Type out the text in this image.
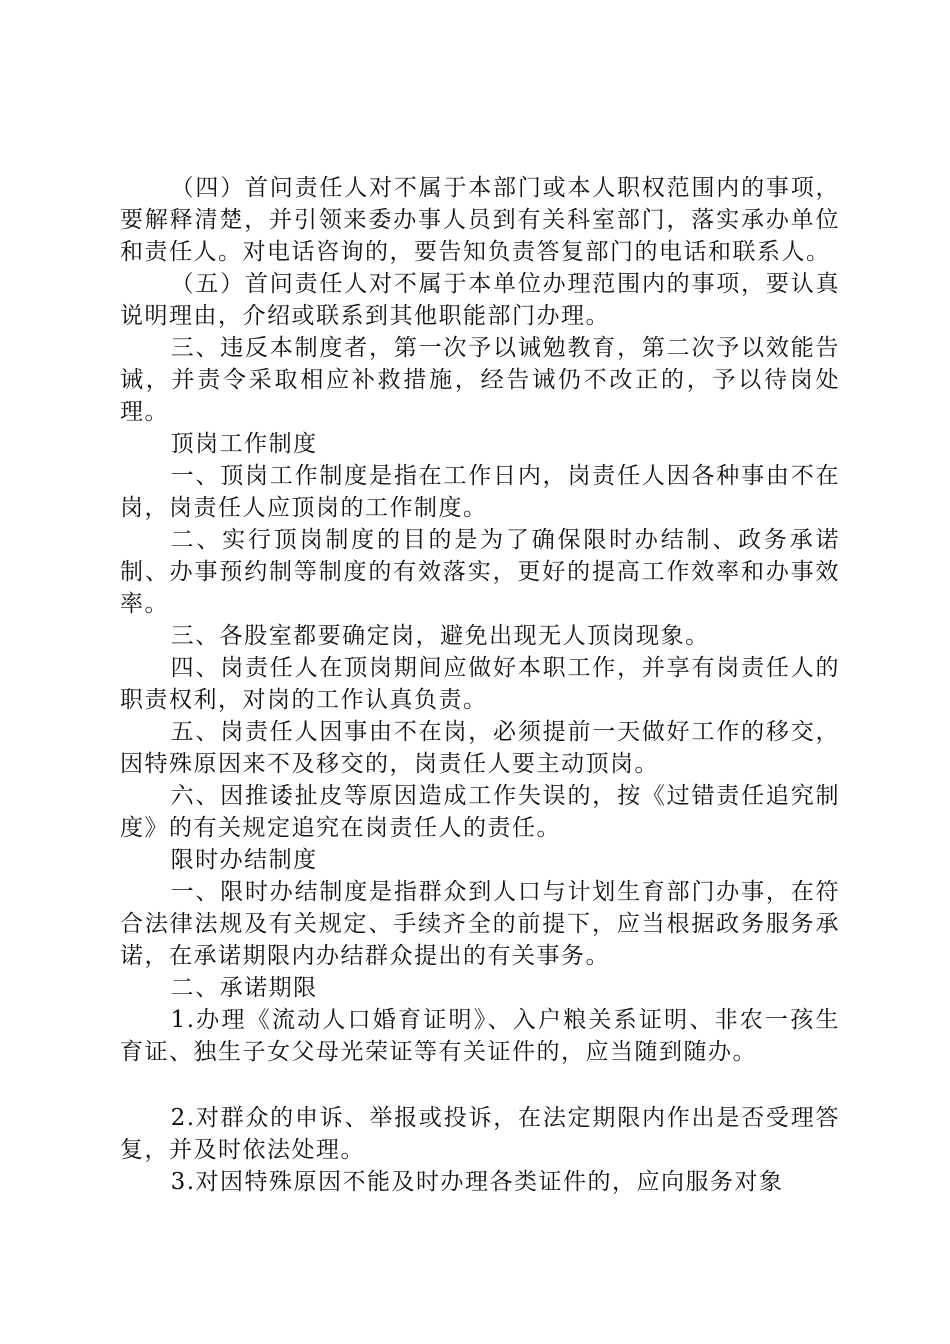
（四）首问责任人对不属于本部门或本人职权范围内的事项，要解释清楚，并引领来委办事人员到有关科室部门，落实承办单位和责任人。对电话咨询的，要告知负责答复部门的电话和联系人。

（五）首问责任人对不属于本单位办理范围内的事项，要认真说明理由，介绍或联系到其他职能部门办理。

三、违反本制度者，第一次予以诫勉教育，第二次予以效能告诫，并责令采取相应补救措施，经告诫仍不改正的，予以待岗处理。

顶岗工作制度

一、顶岗工作制度是指在工作日内，岗责任人因各种事由不在岗，岗责任人应顶岗的工作制度。

二、实行顶岗制度的目的是为了确保限时办结制、政务承诺制、办事预约制等制度的有效落实，更好的提高工作效率和办事效率。

三、各股室都要确定岗，避免出现无人顶岗现象。

四、岗责任人在顶岗期间应做好本职工作，并享有岗责任人的职责权利，对岗的工作认真负责。

五、岗责任人因事由不在岗，必须提前一天做好工作的移交，因特殊原因来不及移交的，岗责任人要主动顶岗。

六、因推诿扯皮等原因造成工作失误的，按《过错责任追究制度》的有关规定追究在岗责任人的责任。

限时办结制度

一、限时办结制度是指群众到人口与计划生育部门办事，在符合法律法规及有关规定、手续齐全的前提下，应当根据政务服务承诺，在承诺期限内办结群众提出的有关事务。

二、承诺期限

1.办理《流动人口婚育证明》、入户粮关系证明、非农一孩生育证、独生子女父母光荣证等有关证件的，应当随到随办。

2.对群众的申诉、举报或投诉，在法定期限内作出是否受理答复，并及时依法处理。

3.对因特殊原因不能及时办理各类证件的，应向服务对象
